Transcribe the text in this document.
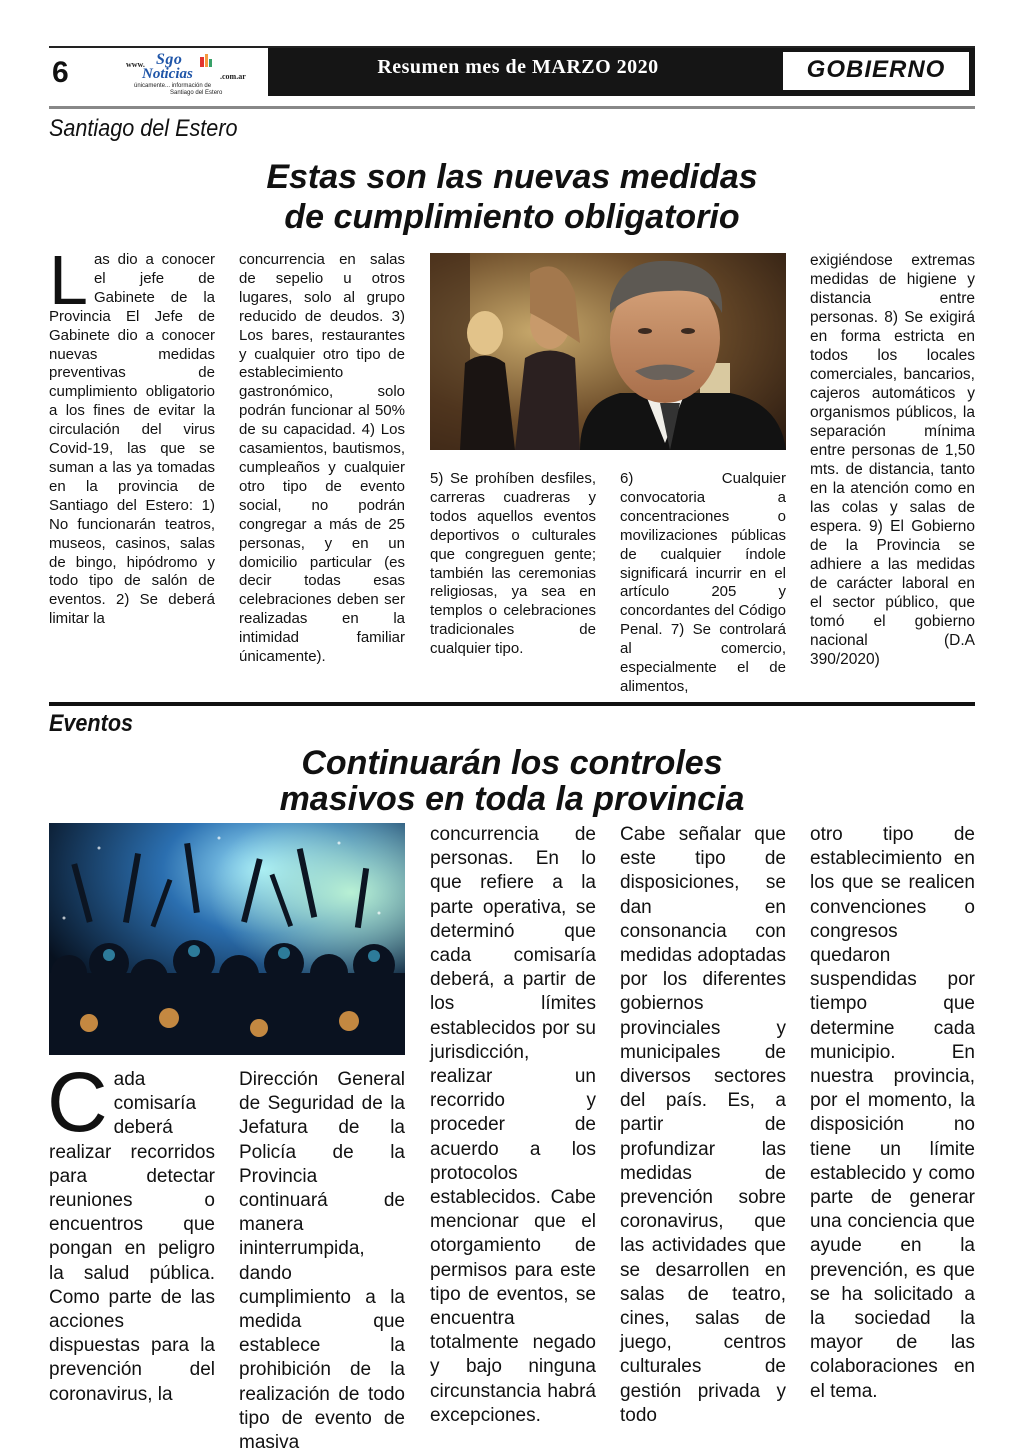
6	www. Sgo
Noticias	.com.ar
únicamente... información de
Santiago del Estero
Resumen mes de MARZO 2020	GOBIERNO
Santiago del Estero
Estas son las nuevas medidas
de cumplimiento obligatorio
L as dio a conocer el jefe de Gabinete de la Provincia El Jefe de Gabinete dio a conocer nuevas medidas preventivas de cumplimiento obligatorio a los fines de evitar la circulación del virus Covid-19, las que se suman a las ya tomadas en la provincia de Santiago del Estero: 1) No funcionarán teatros, museos, casinos, salas de bingo, hipódromo y todo tipo de salón de eventos. 2) Se deberá limitar la

concurrencia en salas de sepelio u otros lugares, solo al grupo reducido de deudos. 3) Los bares, restaurantes y cualquier otro tipo de establecimiento gastronómico, solo podrán funcionar al 50% de su capacidad. 4) Los casamientos, bautismos, cumpleaños y cualquier otro tipo de evento social, no podrán congregar a más de 25 personas, y en un domicilio particular (es decir todas esas celebraciones deben ser realizadas en la intimidad familiar únicamente).

5) Se prohíben desfiles, carreras cuadreras y todos aquellos eventos deportivos o culturales que congreguen gente; también las ceremonias religiosas, ya sea en templos o celebraciones tradicionales de cualquier tipo.

6) Cualquier convocatoria a concentraciones o movilizaciones públicas de cualquier índole significará incurrir en el artículo 205 y concordantes del Código Penal. 7) Se controlará al comercio, especialmente el de alimentos,

exigiéndose extremas medidas de higiene y distancia entre personas. 8) Se exigirá en forma estricta en todos los locales comerciales, bancarios, cajeros automáticos y organismos públicos, la separación mínima entre personas de 1,50 mts. de distancia, tanto en la atención como en las colas y salas de espera. 9) El Gobierno de la Provincia se adhiere a las medidas de carácter laboral en el sector público, que tomó el gobierno nacional (D.A 390/2020)

Eventos
Continuarán los controles
masivos en toda la provincia
C ada comisaría deberá realizar recorridos para detectar reuniones o encuentros que pongan en peligro la salud pública. Como parte de las acciones dispuestas para la prevención del coronavirus, la

Dirección General de Seguridad de la Jefatura de la Policía de la Provincia continuará de manera ininterrumpida, dando cumplimiento a la medida que establece la prohibición de la realización de todo tipo de evento de masiva

concurrencia de personas. En lo que refiere a la parte operativa, se determinó que cada comisaría deberá, a partir de los límites establecidos por su jurisdicción, realizar un recorrido y proceder de acuerdo a los protocolos establecidos. Cabe mencionar que el otorgamiento de permisos para este tipo de eventos, se encuentra totalmente negado y bajo ninguna circunstancia habrá excepciones.

Cabe señalar que este tipo de disposiciones, se dan en consonancia con medidas adoptadas por los diferentes gobiernos provinciales y municipales de diversos sectores del país. Es, a partir de profundizar las medidas de prevención sobre coronavirus, que las actividades que se desarrollen en salas de teatro, cines, salas de juego, centros culturales de gestión privada y todo

otro tipo de establecimiento en los que se realicen convenciones o congresos quedaron suspendidas por tiempo que determine cada municipio. En nuestra provincia, por el momento, la disposición no tiene un límite establecido y como parte de generar una conciencia que ayude en la prevención, es que se ha solicitado a la sociedad la mayor de las colaboraciones en el tema.
